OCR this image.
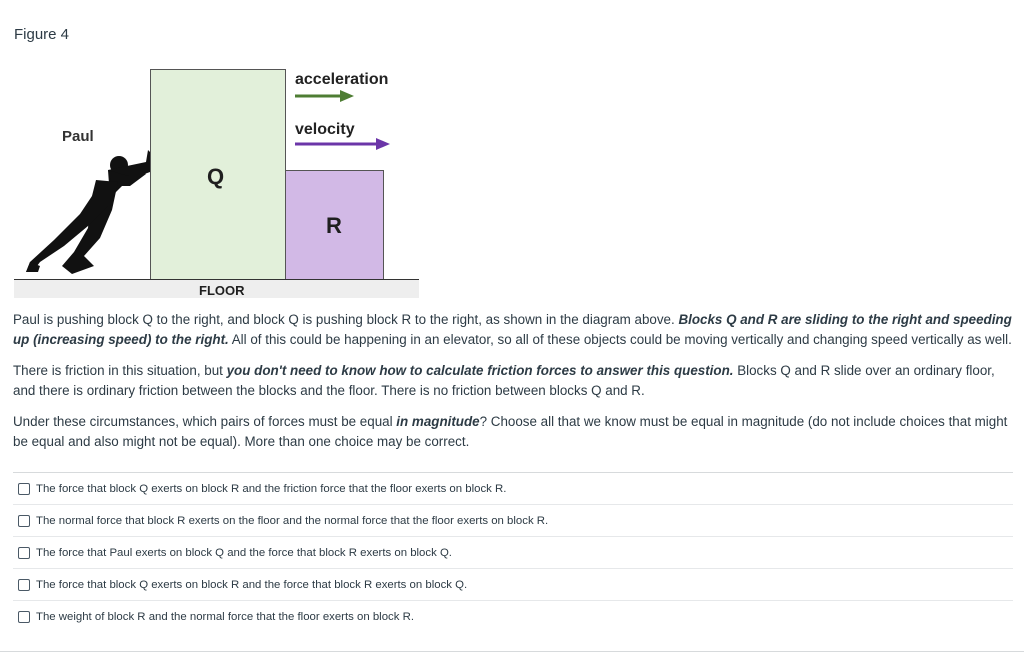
Figure 4
Q
R
Paul
acceleration
velocity
FLOOR
Paul is pushing block Q to the right, and block Q is pushing block R to the right, as shown in the diagram above. Blocks Q and R are sliding to the right and speeding up (increasing speed) to the right. All of this could be happening in an elevator, so all of these objects could be moving vertically and changing speed vertically as well.
There is friction in this situation, but you don't need to know how to calculate friction forces to answer this question. Blocks Q and R slide over an ordinary floor, and there is ordinary friction between the blocks and the floor. There is no friction between blocks Q and R.
Under these circumstances, which pairs of forces must be equal in magnitude? Choose all that we know must be equal in magnitude (do not include choices that might be equal and also might not be equal). More than one choice may be correct.
The force that block Q exerts on block R and the friction force that the floor exerts on block R.
The normal force that block R exerts on the floor and the normal force that the floor exerts on block R.
The force that Paul exerts on block Q and the force that block R exerts on block Q.
The force that block Q exerts on block R and the force that block R exerts on block Q.
The weight of block R and the normal force that the floor exerts on block R.
